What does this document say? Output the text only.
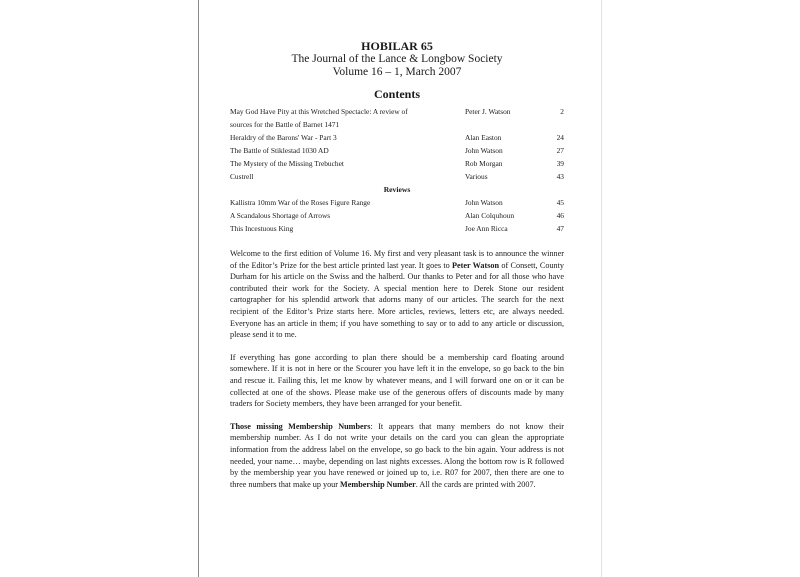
HOBILAR 65
The Journal of the Lance & Longbow Society
Volume 16 – 1, March 2007
Contents
May God Have Pity at this Wretched Spectacle: A review of	Peter J. Watson	2
sources for the Battle of Barnet 1471
Heraldry of the Barons' War - Part 3	Alan Easton	24
The Battle of Stiklestad 1030 AD	John Watson	27
The Mystery of the Missing Trebuchet	Rob Morgan	39
Custrell	Various	43
Reviews
Kallistra 10mm War of the Roses Figure Range	John Watson	45
A Scandalous Shortage of Arrows	Alan Colquhoun	46
This Incestuous King	Joe Ann Ricca	47

Welcome to the first edition of Volume 16. My first and very pleasant task is to announce the winner of the Editor’s Prize for the best article printed last year. It goes to Peter Watson of Consett, County Durham for his article on the Swiss and the halberd. Our thanks to Peter and for all those who have contributed their work for the Society. A special mention here to Derek Stone our resident cartographer for his splendid artwork that adorns many of our articles. The search for the next recipient of the Editor’s Prize starts here. More articles, reviews, letters etc, are always needed. Everyone has an article in them; if you have something to say or to add to any article or discussion, please send it to me.

If everything has gone according to plan there should be a membership card floating around somewhere. If it is not in here or the Scourer you have left it in the envelope, so go back to the bin and rescue it. Failing this, let me know by whatever means, and I will forward one on or it can be collected at one of the shows. Please make use of the generous offers of discounts made by many traders for Society members, they have been arranged for your benefit.

Those missing Membership Numbers: It appears that many members do not know their membership number. As I do not write your details on the card you can glean the appropriate information from the address label on the envelope, so go back to the bin again. Your address is not needed, your name… maybe, depending on last nights excesses. Along the bottom row is R followed by the membership year you have renewed or joined up to, i.e. R07 for 2007, then there are one to three numbers that make up your Membership Number. All the cards are printed with 2007.
